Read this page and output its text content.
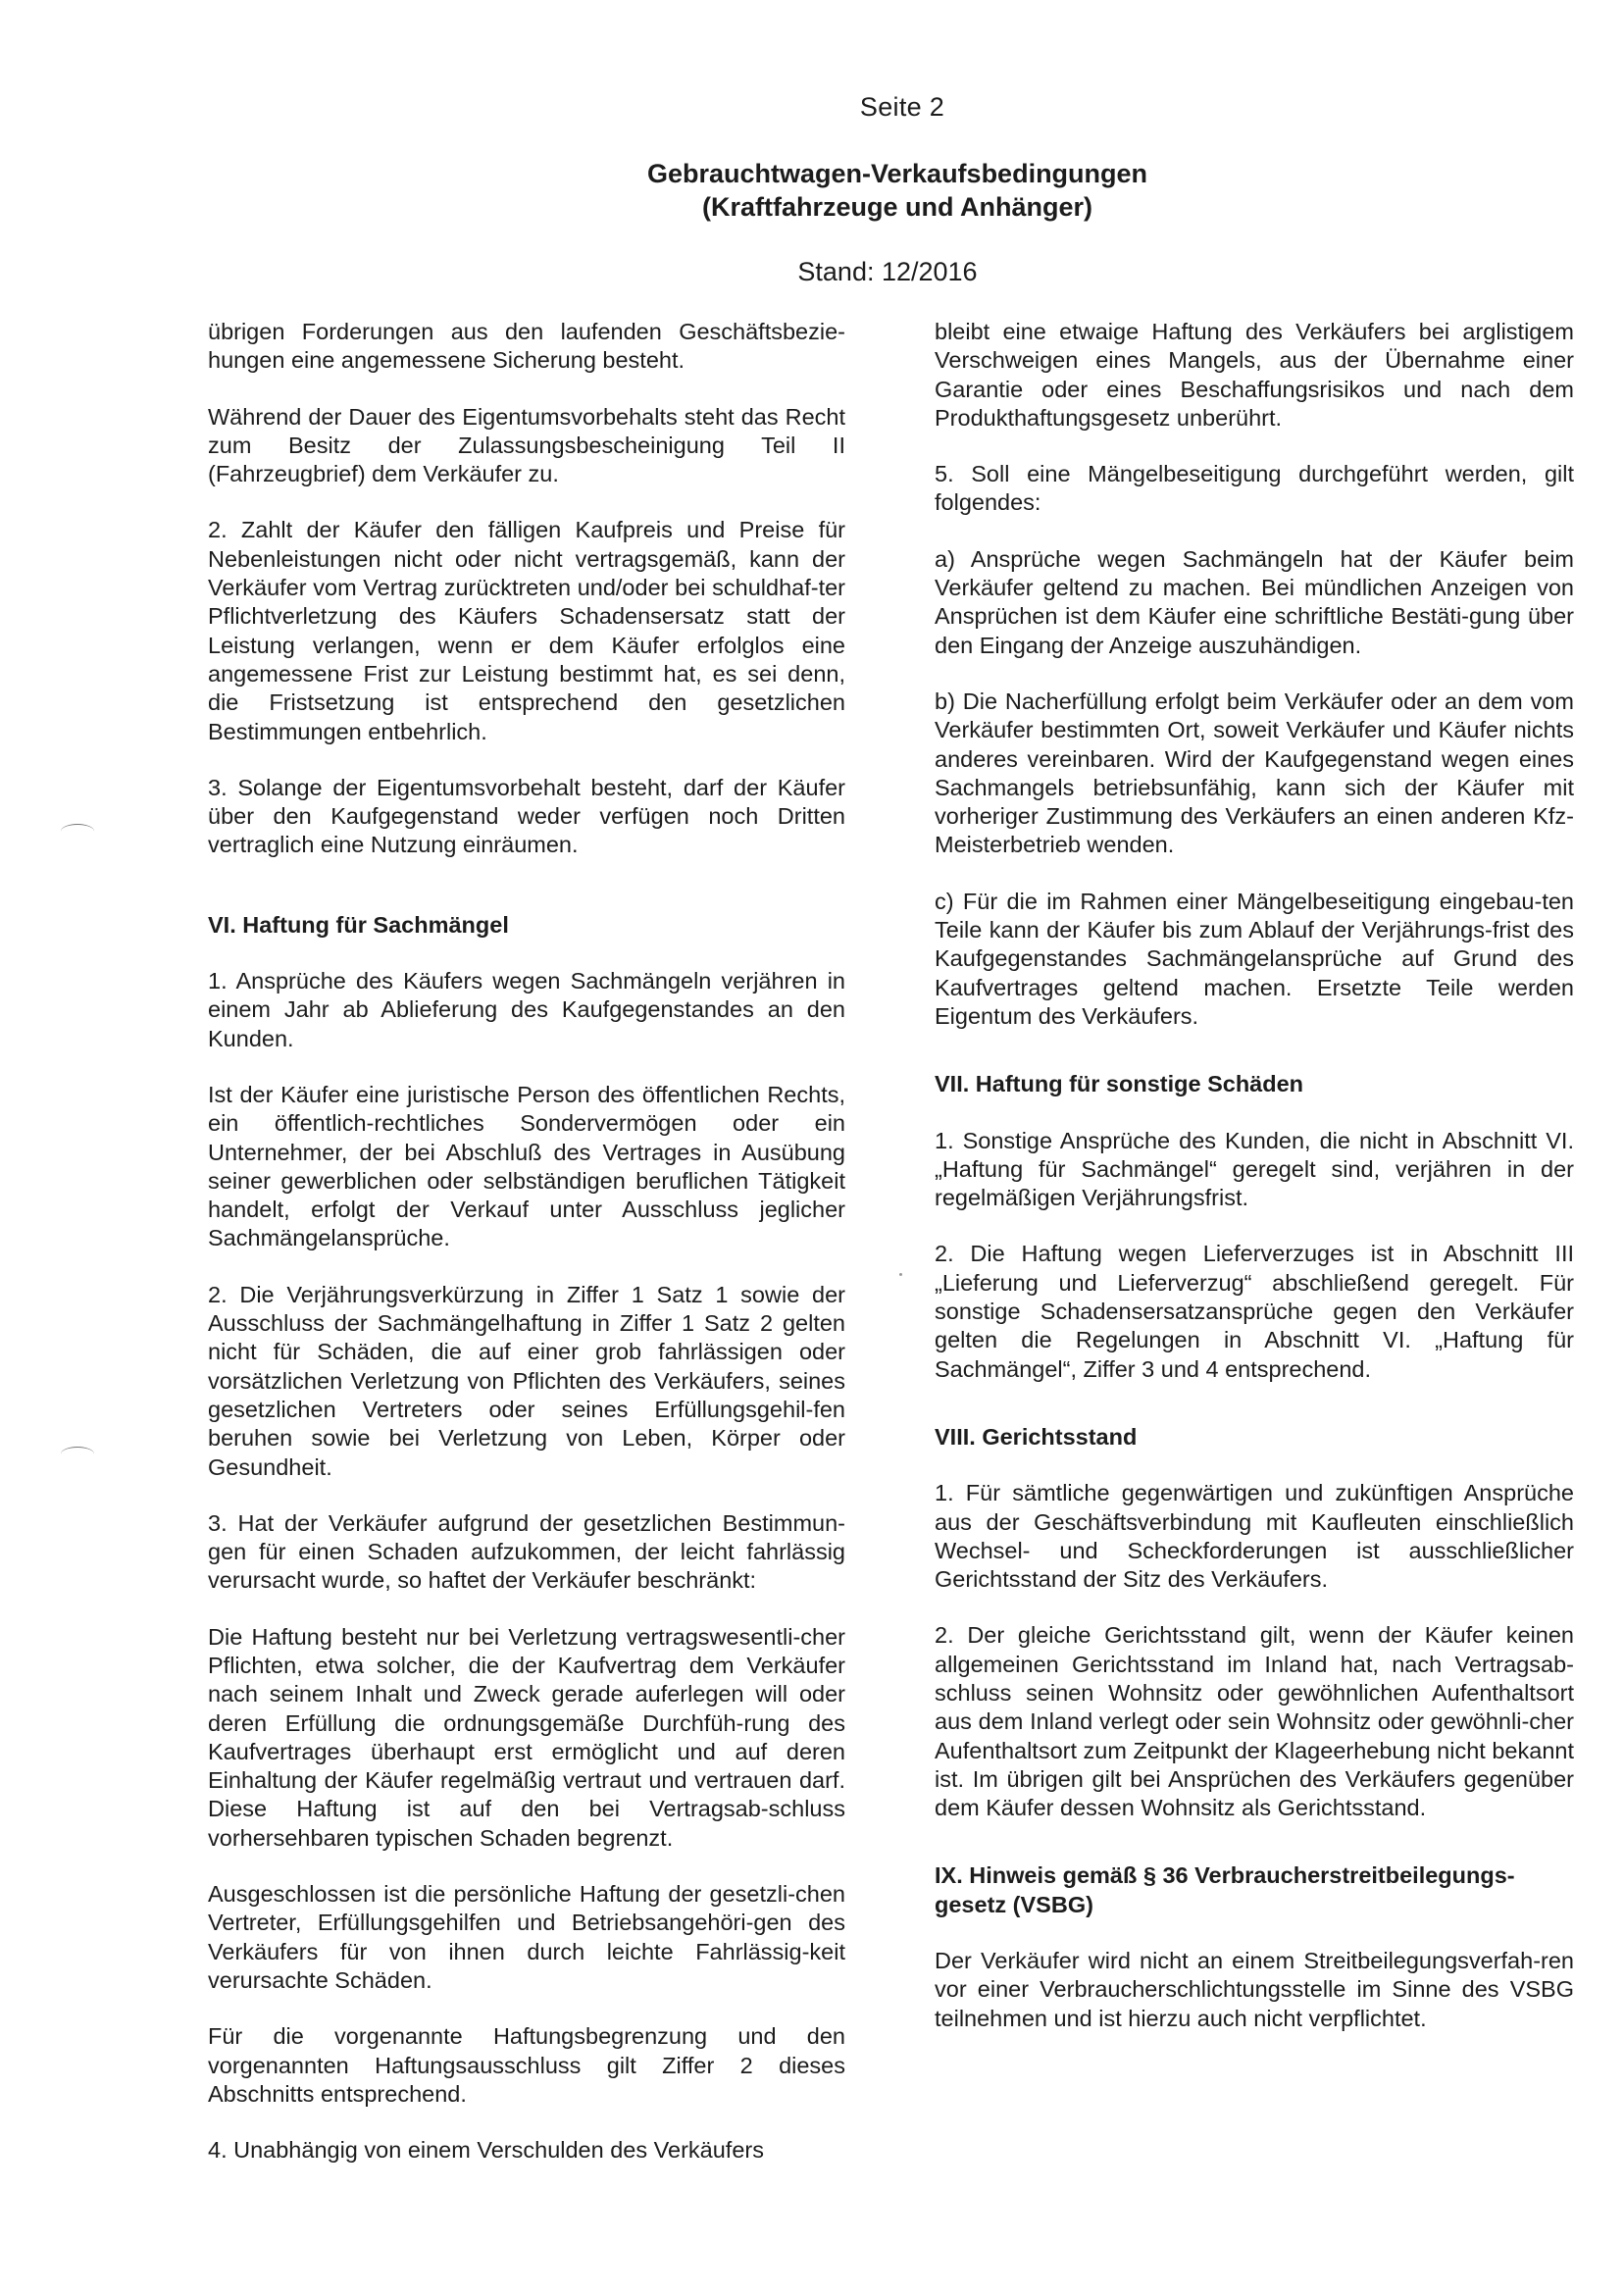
Seite 2
Gebrauchtwagen-Verkaufsbedingungen
(Kraftfahrzeuge und Anhänger)
Stand: 12/2016

übrigen Forderungen aus den laufenden Geschäftsbezie-hungen eine angemessene Sicherung besteht.

Während der Dauer des Eigentumsvorbehalts steht das Recht zum Besitz der Zulassungsbescheinigung Teil II (Fahrzeugbrief) dem Verkäufer zu.

2. Zahlt der Käufer den fälligen Kaufpreis und Preise für Nebenleistungen nicht oder nicht vertragsgemäß, kann der Verkäufer vom Vertrag zurücktreten und/oder bei schuldhaf-ter Pflichtverletzung des Käufers Schadensersatz statt der Leistung verlangen, wenn er dem Käufer erfolglos eine angemessene Frist zur Leistung bestimmt hat, es sei denn, die Fristsetzung ist entsprechend den gesetzlichen Bestimmungen entbehrlich.

3. Solange der Eigentumsvorbehalt besteht, darf der Käufer über den Kaufgegenstand weder verfügen noch Dritten vertraglich eine Nutzung einräumen.

VI. Haftung für Sachmängel

1. Ansprüche des Käufers wegen Sachmängeln verjähren in einem Jahr ab Ablieferung des Kaufgegenstandes an den Kunden.

Ist der Käufer eine juristische Person des öffentlichen Rechts, ein öffentlich-rechtliches Sondervermögen oder ein Unternehmer, der bei Abschluß des Vertrages in Ausübung seiner gewerblichen oder selbständigen beruflichen Tätigkeit handelt, erfolgt der Verkauf unter Ausschluss jeglicher Sachmängelansprüche.

2. Die Verjährungsverkürzung in Ziffer 1 Satz 1 sowie der Ausschluss der Sachmängelhaftung in Ziffer 1 Satz 2 gelten nicht für Schäden, die auf einer grob fahrlässigen oder vorsätzlichen Verletzung von Pflichten des Verkäufers, seines gesetzlichen Vertreters oder seines Erfüllungsgehil-fen beruhen sowie bei Verletzung von Leben, Körper oder Gesundheit.

3. Hat der Verkäufer aufgrund der gesetzlichen Bestimmun-gen für einen Schaden aufzukommen, der leicht fahrlässig verursacht wurde, so haftet der Verkäufer beschränkt:

Die Haftung besteht nur bei Verletzung vertragswesentli-cher Pflichten, etwa solcher, die der Kaufvertrag dem Verkäufer nach seinem Inhalt und Zweck gerade auferlegen will oder deren Erfüllung die ordnungsgemäße Durchfüh-rung des Kaufvertrages überhaupt erst ermöglicht und auf deren Einhaltung der Käufer regelmäßig vertraut und vertrauen darf. Diese Haftung ist auf den bei Vertragsab-schluss vorhersehbaren typischen Schaden begrenzt.

Ausgeschlossen ist die persönliche Haftung der gesetzli-chen Vertreter, Erfüllungsgehilfen und Betriebsangehöri-gen des Verkäufers für von ihnen durch leichte Fahrlässig-keit verursachte Schäden.

Für die vorgenannte Haftungsbegrenzung und den vorgenannten Haftungsausschluss gilt Ziffer 2 dieses Abschnitts entsprechend.

4. Unabhängig von einem Verschulden des Verkäufers

bleibt eine etwaige Haftung des Verkäufers bei arglistigem Verschweigen eines Mangels, aus der Übernahme einer Garantie oder eines Beschaffungsrisikos und nach dem Produkthaftungsgesetz unberührt.

5. Soll eine Mängelbeseitigung durchgeführt werden, gilt folgendes:

a) Ansprüche wegen Sachmängeln hat der Käufer beim Verkäufer geltend zu machen. Bei mündlichen Anzeigen von Ansprüchen ist dem Käufer eine schriftliche Bestäti-gung über den Eingang der Anzeige auszuhändigen.

b) Die Nacherfüllung erfolgt beim Verkäufer oder an dem vom Verkäufer bestimmten Ort, soweit Verkäufer und Käufer nichts anderes vereinbaren. Wird der Kaufgegenstand wegen eines Sachmangels betriebsunfähig, kann sich der Käufer mit vorheriger Zustimmung des Verkäufers an einen anderen Kfz-Meisterbetrieb wenden.

c) Für die im Rahmen einer Mängelbeseitigung eingebau-ten Teile kann der Käufer bis zum Ablauf der Verjährungs-frist des Kaufgegenstandes Sachmängelansprüche auf Grund des Kaufvertrages geltend machen. Ersetzte Teile werden Eigentum des Verkäufers.

VII. Haftung für sonstige Schäden

1. Sonstige Ansprüche des Kunden, die nicht in Abschnitt VI. „Haftung für Sachmängel“ geregelt sind, verjähren in der regelmäßigen Verjährungsfrist.

2. Die Haftung wegen Lieferverzuges ist in Abschnitt III „Lieferung und Lieferverzug“ abschließend geregelt. Für sonstige Schadensersatzansprüche gegen den Verkäufer gelten die Regelungen in Abschnitt VI. „Haftung für Sachmängel“, Ziffer 3 und 4 entsprechend.

VIII. Gerichtsstand

1. Für sämtliche gegenwärtigen und zukünftigen Ansprüche aus der Geschäftsverbindung mit Kaufleuten einschließlich Wechsel- und Scheckforderungen ist ausschließlicher Gerichtsstand der Sitz des Verkäufers.

2. Der gleiche Gerichtsstand gilt, wenn der Käufer keinen allgemeinen Gerichtsstand im Inland hat, nach Vertragsab-schluss seinen Wohnsitz oder gewöhnlichen Aufenthaltsort aus dem Inland verlegt oder sein Wohnsitz oder gewöhnli-cher Aufenthaltsort zum Zeitpunkt der Klageerhebung nicht bekannt ist. Im übrigen gilt bei Ansprüchen des Verkäufers gegenüber dem Käufer dessen Wohnsitz als Gerichtsstand.

IX. Hinweis gemäß § 36 Verbraucherstreitbeilegungs-gesetz (VSBG)

Der Verkäufer wird nicht an einem Streitbeilegungsverfah-ren vor einer Verbraucherschlichtungsstelle im Sinne des VSBG teilnehmen und ist hierzu auch nicht verpflichtet.
